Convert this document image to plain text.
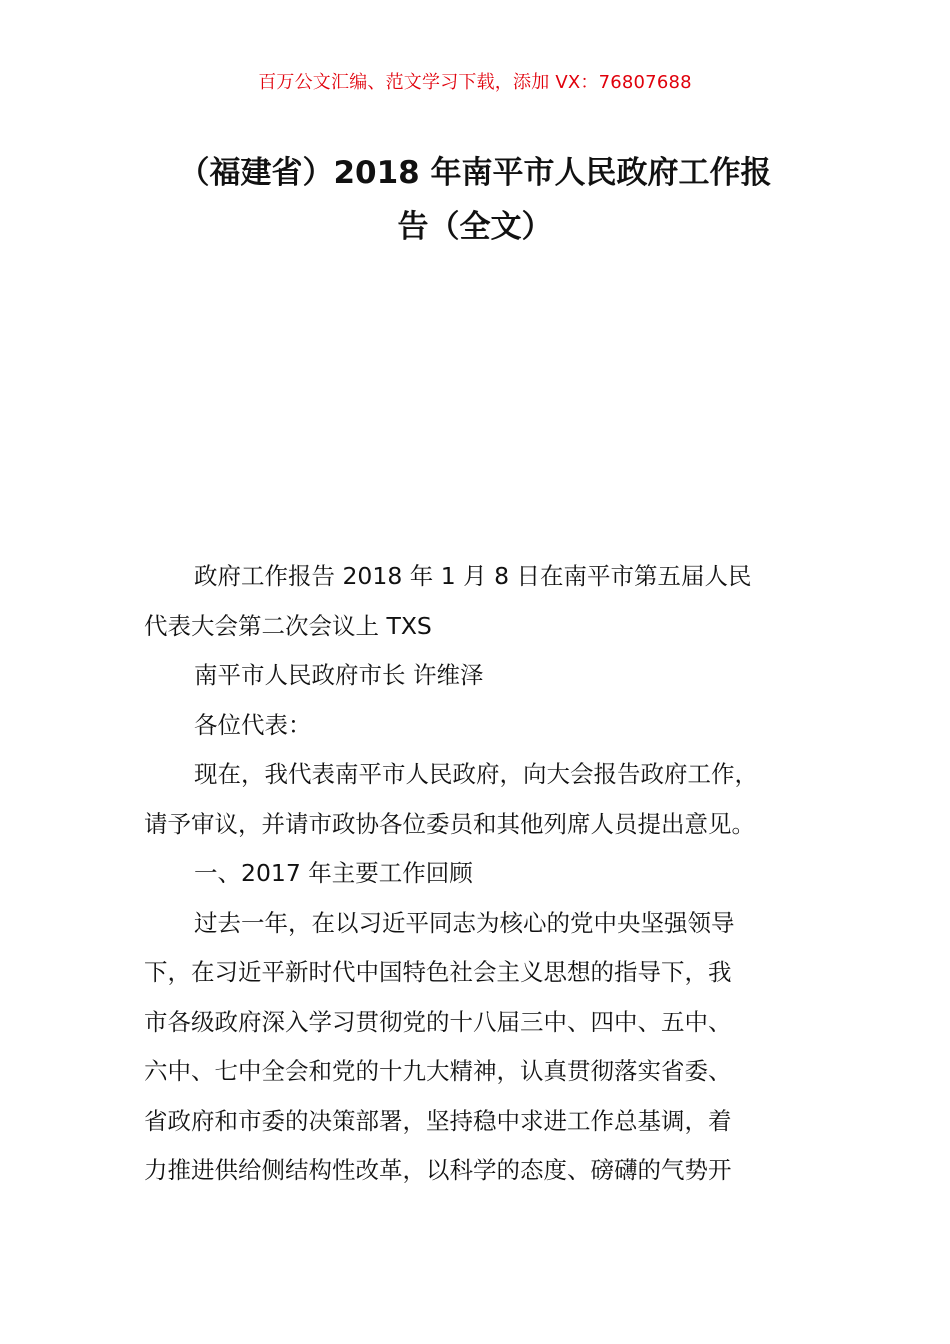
百万公文汇编、范文学习下载，添加 VX：76807688
（福建省）2018 年南平市人民政府工作报
告（全文）
政府工作报告 2018 年 1 月 8 日在南平市第五届人民
代表大会第二次会议上 TXS
南平市人民政府市长 许维泽
各位代表：
现在，我代表南平市人民政府，向大会报告政府工作，
请予审议，并请市政协各位委员和其他列席人员提出意见。
一、2017 年主要工作回顾
过去一年，在以习近平同志为核心的党中央坚强领导
下，在习近平新时代中国特色社会主义思想的指导下，我
市各级政府深入学习贯彻党的十八届三中、四中、五中、
六中、七中全会和党的十九大精神，认真贯彻落实省委、
省政府和市委的决策部署，坚持稳中求进工作总基调，着
力推进供给侧结构性改革，以科学的态度、磅礴的气势开
